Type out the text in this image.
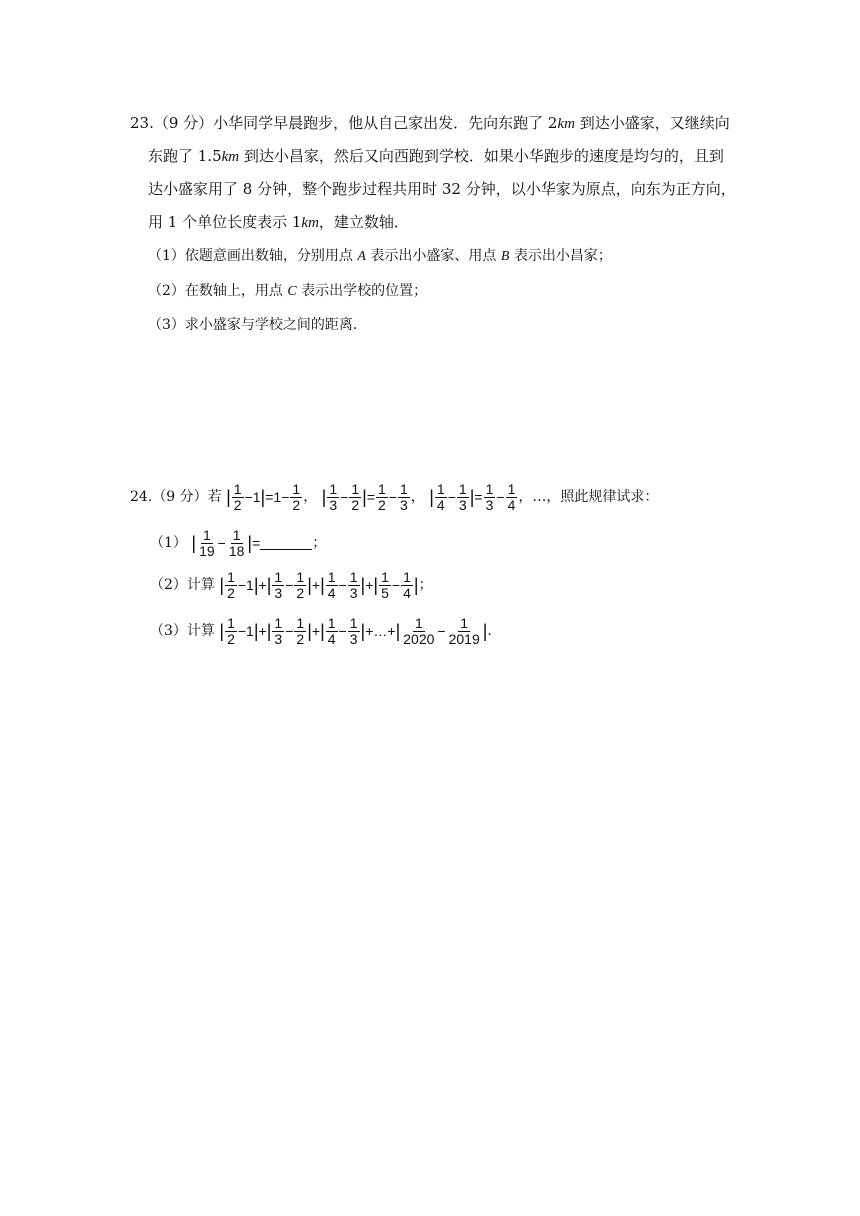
23.（9 分）小华同学早晨跑步，他从自己家出发．先向东跑了 2km 到达小盛家，又继续向
东跑了 1.5km 到达小昌家，然后又向西跑到学校．如果小华跑步的速度是均匀的，且到
达小盛家用了 8 分钟，整个跑步过程共用时 32 分钟，以小华家为原点，向东为正方向，
用 1 个单位长度表示 1km，建立数轴．
（1）依题意画出数轴，分别用点 A 表示出小盛家、用点 B 表示出小昌家；
（2）在数轴上，用点 C 表示出学校的位置；
（3）求小盛家与学校之间的距离．
24.（9 分）若 | $\frac{1}{2} -1|=1- \frac{1}{2}$ ， | $\frac{1}{3} - \frac{1}{2}$ |= $\frac{1}{2} - \frac{1}{3}$ ， | $\frac{1}{4} - \frac{1}{3}$ |= $\frac{1}{3} - \frac{1}{4}$ ，…，照此规律试求：
（1） | $\frac{1}{19} - \frac{1}{18}$ |=	；
（2）计算 | $\frac{1}{2} -1|+| \frac{1}{3} - \frac{1}{2}$ |+| $\frac{1}{4} - \frac{1}{3}$ |+| $\frac{1}{5} - \frac{1}{4}$ |；
（3）计算 | $\frac{1}{2} -1|+| \frac{1}{3} - \frac{1}{2}$ |+| $\frac{1}{4} - \frac{1}{3}$ |+…+| $\frac{1}{2020} - \frac{1}{2019}$ |．
